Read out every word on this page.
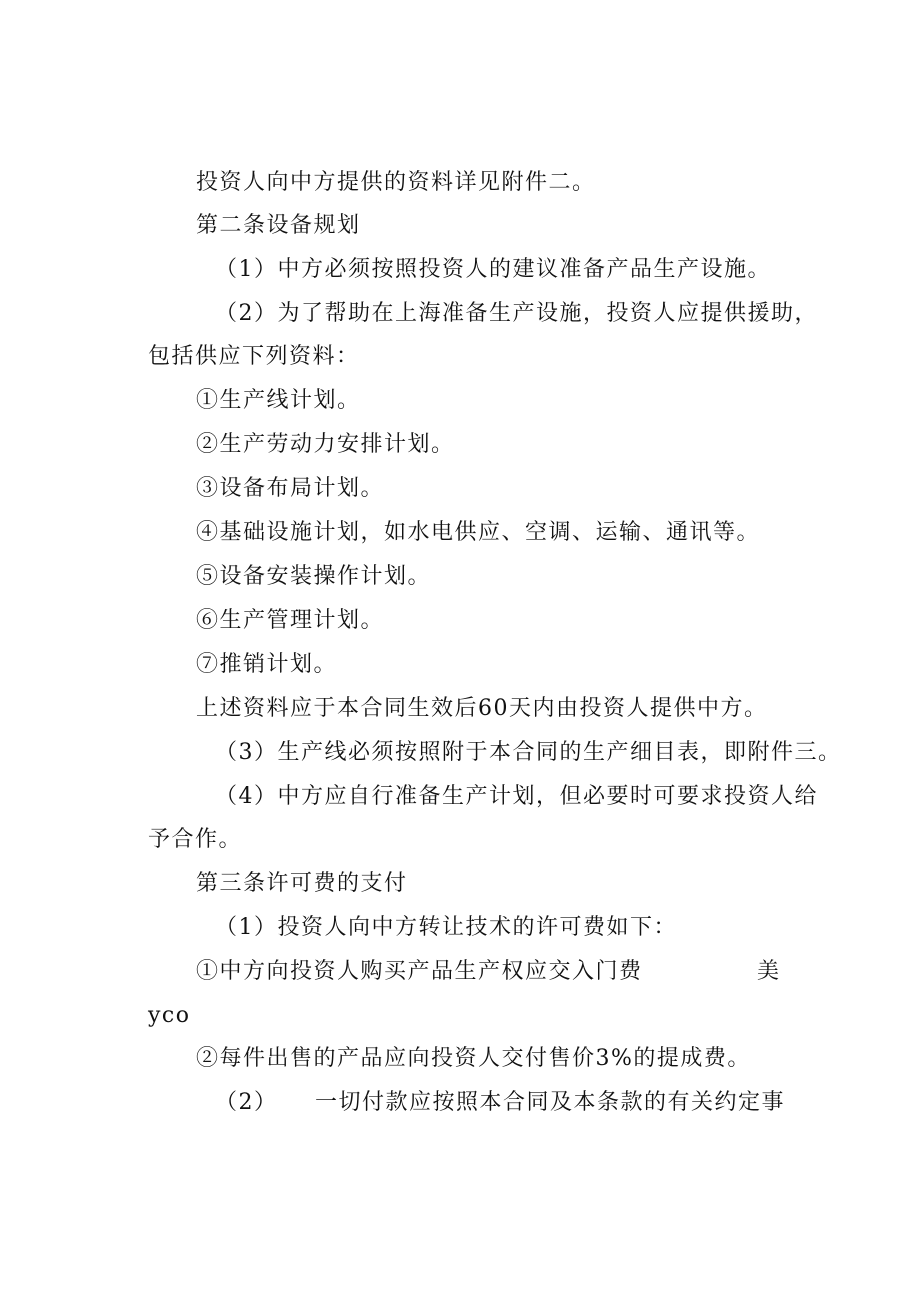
投资人向中方提供的资料详见附件二。
第二条设备规划
（1）中方必须按照投资人的建议准备产品生产设施。
（2）为了帮助在上海准备生产设施，投资人应提供援助，
包括供应下列资料：
①生产线计划。
②生产劳动力安排计划。
③设备布局计划。
④基础设施计划，如水电供应、空调、运输、通讯等。
⑤设备安装操作计划。
⑥生产管理计划。
⑦推销计划。
上述资料应于本合同生效后60天内由投资人提供中方。
（3）生产线必须按照附于本合同的生产细目表，即附件三。
（4）中方应自行准备生产计划，但必要时可要求投资人给
予合作。
第三条许可费的支付
（1）投资人向中方转让技术的许可费如下：
①中方向投资人购买产品生产权应交入门费	美
yco
②每件出售的产品应向投资人交付售价3%的提成费。
（2） 一切付款应按照本合同及本条款的有关约定事
